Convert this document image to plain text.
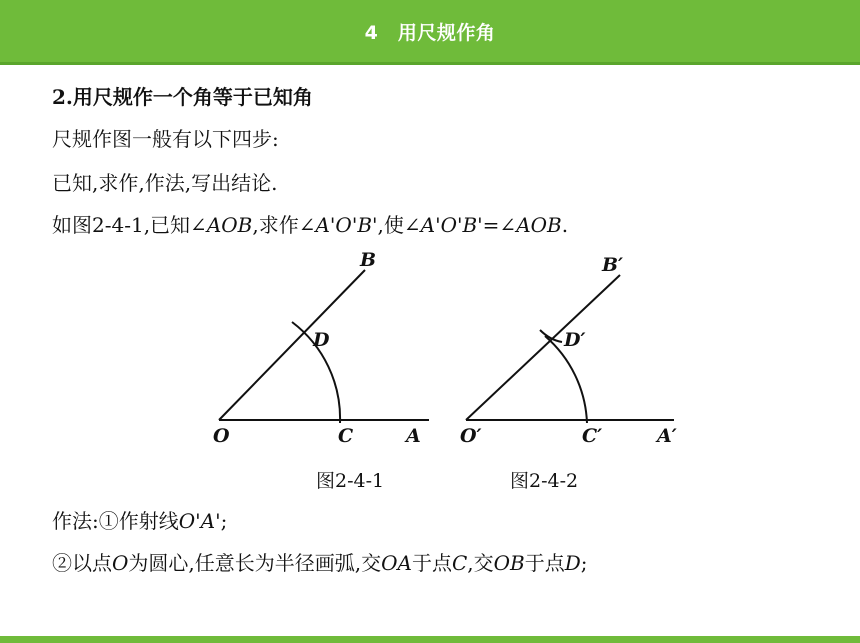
4　用尺规作角
2.用尺规作一个角等于已知角
尺规作图一般有以下四步:
已知,求作,作法,写出结论.
如图2-4-1,已知∠AOB,求作∠A'O'B',使∠A'O'B'=∠AOB.
O	C	A
B
D
O′	C′	A′
B′
D′
图2-4-1	图2-4-2
作法:①作射线O'A';
②以点O为圆心,任意长为半径画弧,交OA于点C,交OB于点D;
